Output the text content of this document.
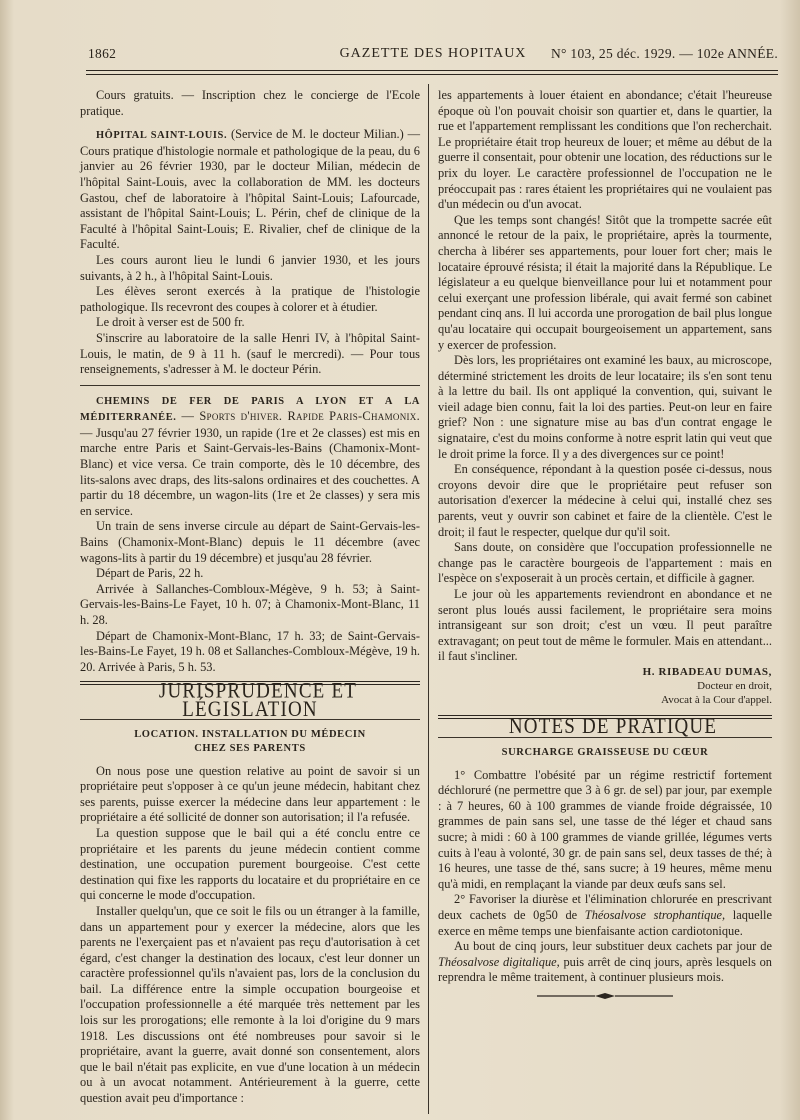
1862	GAZETTE DES HOPITAUX	N° 103, 25 déc. 1929. — 102e ANNÉE.

Cours gratuits. — Inscription chez le concierge de l'Ecole pratique.

HÔPITAL SAINT-LOUIS. (Service de M. le docteur Milian.) — Cours pratique d'histologie normale et pathologique de la peau, du 6 janvier au 26 février 1930, par le docteur Milian, médecin de l'hôpital Saint-Louis, avec la collaboration de MM. les docteurs Gastou, chef de laboratoire à l'hôpital Saint-Louis; Lafourcade, assistant de l'hôpital Saint-Louis; L. Périn, chef de clinique de la Faculté à l'hôpital Saint-Louis; E. Rivalier, chef de clinique de la Faculté.

Les cours auront lieu le lundi 6 janvier 1930, et les jours suivants, à 2 h., à l'hôpital Saint-Louis.

Les élèves seront exercés à la pratique de l'histologie pathologique. Ils recevront des coupes à colorer et à étudier.

Le droit à verser est de 500 fr.

S'inscrire au laboratoire de la salle Henri IV, à l'hôpital Saint-Louis, le matin, de 9 à 11 h. (sauf le mercredi). — Pour tous renseignements, s'adresser à M. le docteur Périn.

CHEMINS DE FER DE PARIS A LYON ET A LA MÉDITERRANÉE. — Sports d'hiver. Rapide Paris-Chamonix. — Jusqu'au 27 février 1930, un rapide (1re et 2e classes) est mis en marche entre Paris et Saint-Gervais-les-Bains (Chamonix-Mont-Blanc) et vice versa. Ce train comporte, dès le 10 décembre, des lits-salons avec draps, des lits-salons ordinaires et des couchettes. A partir du 18 décembre, un wagon-lits (1re et 2e classes) y sera mis en service.

Un train de sens inverse circule au départ de Saint-Gervais-les-Bains (Chamonix-Mont-Blanc) depuis le 11 décembre (avec wagons-lits à partir du 19 décembre) et jusqu'au 28 février.

Départ de Paris, 22 h.

Arrivée à Sallanches-Combloux-Mégève, 9 h. 53; à Saint-Gervais-les-Bains-Le Fayet, 10 h. 07; à Chamonix-Mont-Blanc, 11 h. 28.

Départ de Chamonix-Mont-Blanc, 17 h. 33; de Saint-Gervais-les-Bains-Le Fayet, 19 h. 08 et Sallanches-Combloux-Mégève, 19 h. 20. Arrivée à Paris, 5 h. 53.

JURISPRUDENCE ET LÉGISLATION

LOCATION. INSTALLATION DU MÉDECIN
CHEZ SES PARENTS

On nous pose une question relative au point de savoir si un propriétaire peut s'opposer à ce qu'un jeune médecin, habitant chez ses parents, puisse exercer la médecine dans leur appartement : le propriétaire a été sollicité de donner son autorisation; il l'a refusée.

La question suppose que le bail qui a été conclu entre ce propriétaire et les parents du jeune médecin contient comme destination, une occupation purement bourgeoise. C'est cette destination qui fixe les rapports du locataire et du propriétaire en ce qui concerne le mode d'occupation.

Installer quelqu'un, que ce soit le fils ou un étranger à la famille, dans un appartement pour y exercer la médecine, alors que les parents ne l'exerçaient pas et n'avaient pas reçu d'autorisation à cet égard, c'est changer la destination des locaux, c'est leur donner un caractère professionnel qu'ils n'avaient pas, lors de la conclusion du bail. La différence entre la simple occupation bourgeoise et l'occupation professionnelle a été marquée très nettement par les lois sur les prorogations; elle remonte à la loi d'origine du 9 mars 1918. Les discussions ont été nombreuses pour savoir si le propriétaire, avant la guerre, avait donné son consentement, alors que le bail n'était pas explicite, en vue d'une location à un médecin ou à un avocat notamment. Antérieurement à la guerre, cette question avait peu d'importance :

les appartements à louer étaient en abondance; c'était l'heureuse époque où l'on pouvait choisir son quartier et, dans le quartier, la rue et l'appartement remplissant les conditions que l'on recherchait. Le propriétaire était trop heureux de louer; et même au début de la guerre il consentait, pour obtenir une location, des réductions sur le prix du loyer. Le caractère professionnel de l'occupation ne le préoccupait pas : rares étaient les propriétaires qui ne voulaient pas d'un médecin ou d'un avocat.

Que les temps sont changés! Sitôt que la trompette sacrée eût annoncé le retour de la paix, le propriétaire, après la tourmente, chercha à libérer ses appartements, pour louer fort cher; mais le locataire éprouvé résista; il était la majorité dans la République. Le législateur a eu quelque bienveillance pour lui et notamment pour celui exerçant une profession libérale, qui avait fermé son cabinet pendant cinq ans. Il lui accorda une prorogation de bail plus longue qu'au locataire qui occupait bourgeoisement un appartement, sans y exercer de profession.

Dès lors, les propriétaires ont examiné les baux, au microscope, déterminé strictement les droits de leur locataire; ils s'en sont tenu à la lettre du bail. Ils ont appliqué la convention, qui, suivant le vieil adage bien connu, fait la loi des parties. Peut-on leur en faire grief? Non : une signature mise au bas d'un contrat engage le signataire, c'est du moins conforme à notre esprit latin qui veut que le droit prime la force. Il y a des divergences sur ce point!

En conséquence, répondant à la question posée ci-dessus, nous croyons devoir dire que le propriétaire peut refuser son autorisation d'exercer la médecine à celui qui, installé chez ses parents, veut y ouvrir son cabinet et faire de la clientèle. C'est le droit; il faut le respecter, quelque dur qu'il soit.

Sans doute, on considère que l'occupation professionnelle ne change pas le caractère bourgeois de l'appartement : mais en l'espèce on s'exposerait à un procès certain, et difficile à gagner.

Le jour où les appartements reviendront en abondance et ne seront plus loués aussi facilement, le propriétaire sera moins intransigeant sur son droit; c'est un vœu. Il peut paraître extravagant; on peut tout de même le formuler. Mais en attendant... il faut s'incliner.

H. RIBADEAU DUMAS,
Docteur en droit,
Avocat à la Cour d'appel.

NOTES DE PRATIQUE

SURCHARGE GRAISSEUSE DU CŒUR

1° Combattre l'obésité par un régime restrictif fortement déchloruré (ne permettre que 3 à 6 gr. de sel) par jour, par exemple : à 7 heures, 60 à 100 grammes de viande froide dégraissée, 10 grammes de pain sans sel, une tasse de thé léger et chaud sans sucre; à midi : 60 à 100 grammes de viande grillée, légumes verts cuits à l'eau à volonté, 30 gr. de pain sans sel, deux tasses de thé; à 16 heures, une tasse de thé, sans sucre; à 19 heures, même menu qu'à midi, en remplaçant la viande par deux œufs sans sel.

2° Favoriser la diurèse et l'élimination chlorurée en prescrivant deux cachets de 0g50 de Théosalvose strophantique, laquelle exerce en même temps une bienfaisante action cardiotonique.

Au bout de cinq jours, leur substituer deux cachets par jour de Théosalvose digitalique, puis arrêt de cinq jours, après lesquels on reprendra le même traitement, à continuer plusieurs mois.
